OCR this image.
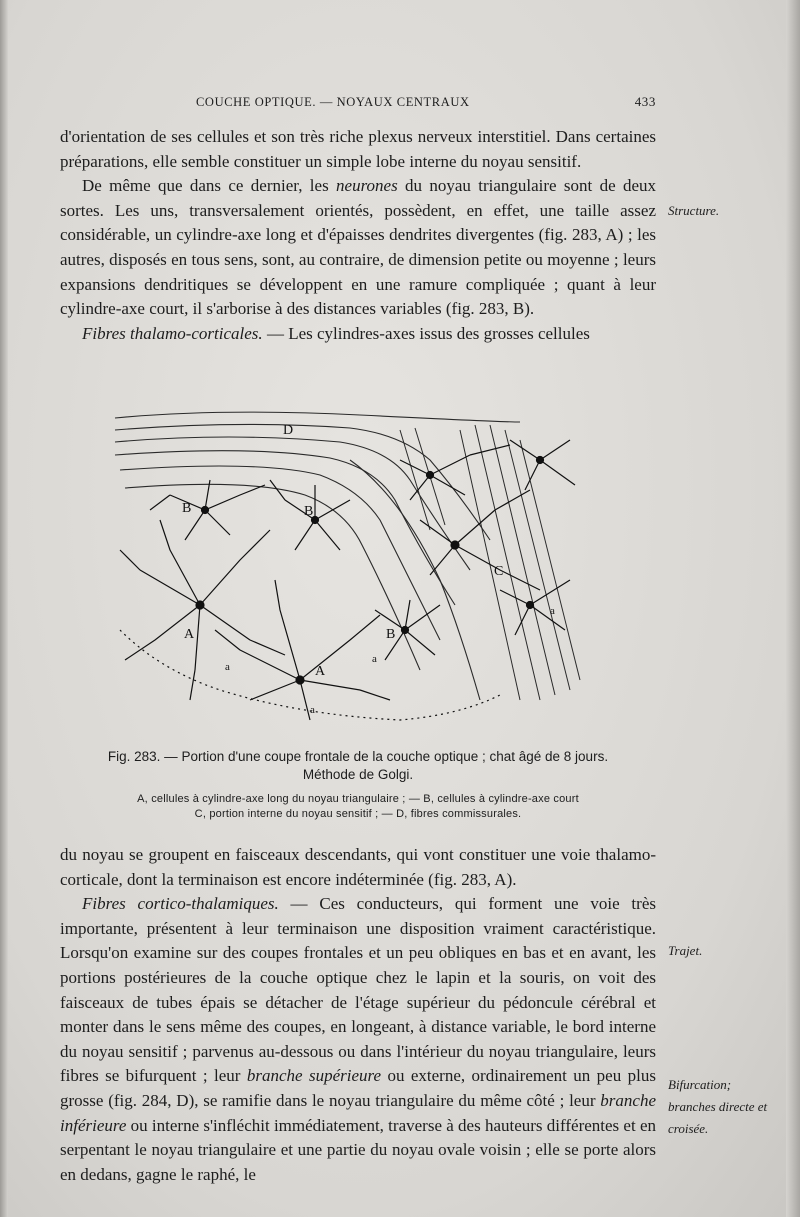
COUCHE OPTIQUE. — NOYAUX CENTRAUX	433

d'orientation de ses cellules et son très riche plexus nerveux interstitiel. Dans certaines préparations, elle semble constituer un simple lobe interne du noyau sensitif.

De même que dans ce dernier, les neurones du noyau triangulaire sont de deux sortes. Les uns, transversalement orientés, possèdent, en effet, une taille assez considérable, un cylindre-axe long et d'épaisses dendrites divergentes (fig. 283, A) ; les autres, disposés en tous sens, sont, au contraire, de dimension petite ou moyenne ; leurs expansions dendritiques se développent en une ramure compliquée ; quant à leur cylindre-axe court, il s'arborise à des distances variables (fig. 283, B).

Fibres thalamo-corticales. — Les cylindres-axes issus des grosses cellules

Structure.
D
B	B
A
A
B
C
a
a
a
a
Fig. 283. — Portion d'une coupe frontale de la couche optique ; chat âgé de 8 jours.
Méthode de Golgi.
A, cellules à cylindre-axe long du noyau triangulaire ; — B, cellules à cylindre-axe court
C, portion interne du noyau sensitif ; — D, fibres commissurales.

du noyau se groupent en faisceaux descendants, qui vont constituer une voie thalamo-corticale, dont la terminaison est encore indéterminée (fig. 283, A).

Fibres cortico-thalamiques. — Ces conducteurs, qui forment une voie très importante, présentent à leur terminaison une disposition vraiment caractéristique. Lorsqu'on examine sur des coupes frontales et un peu obliques en bas et en avant, les portions postérieures de la couche optique chez le lapin et la souris, on voit des faisceaux de tubes épais se détacher de l'étage supérieur du pédoncule cérébral et monter dans le sens même des coupes, en longeant, à distance variable, le bord interne du noyau sensitif ; parvenus au-dessous ou dans l'intérieur du noyau triangulaire, leurs fibres se bifurquent ; leur branche supérieure ou externe, ordinairement un peu plus grosse (fig. 284, D), se ramifie dans le noyau triangulaire du même côté ; leur branche inférieure ou interne s'infléchit immédiatement, traverse à des hauteurs différentes et en serpentant le noyau triangulaire et une partie du noyau ovale voisin ; elle se porte alors en dedans, gagne le raphé, le

Trajet.
Bifurcation; branches directe et croisée.
